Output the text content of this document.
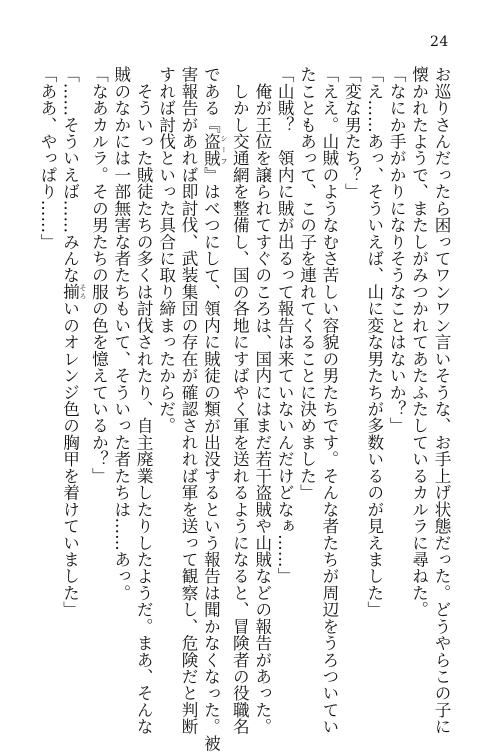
24
お巡りさんだったら困ってワンワン言いそうな、お手上げ状態だった。どうやらこの子に
懐かれたようで、またしがみつかれてあたふたしているカルラに尋ねた。
「なにか手がかりになりそうなことはないか？」
「え……あっ、そういえば、山に変な男たちが多数いるのが見えました」
「変な男たち？」
「ええ。山賊のようなむさ苦しい容貌の男たちです。そんな者たちが周辺をうろついてい
たこともあって、この子を連れてくることに決めました」
「山賊？　領内に賊が出るって報告は来ていないんだけどなぁ……」
　俺が王位を譲られてすぐのころは、国内にはまだ若干盗賊や山賊などの報告があった。
　しかし交通網を整備し、国の各地にすばやく軍を送れるようになると、冒険者の役職名
である『盗賊 シーフ』はべつにして、領内に賊徒の類が出没するという報告は聞かなくなった。被
害報告があれば即討伐、武装集団の存在が確認されれば軍を送って観察し、危険だと判断
すれば討伐といった具合に取り締まったからだ。
　そういった賊徒たちの多くは討伐されたり、自主廃業したりしたようだ。まあ、そんな
賊のなかには一部無害な者たちもいて、そういった者たちは……あっ。
「なあカルラ。その男たちの服の色を憶えているか？」
「……そういえば……みんな揃 そろいのオレンジ色の胸甲を着けていました」
「ああ、やっぱり……」
